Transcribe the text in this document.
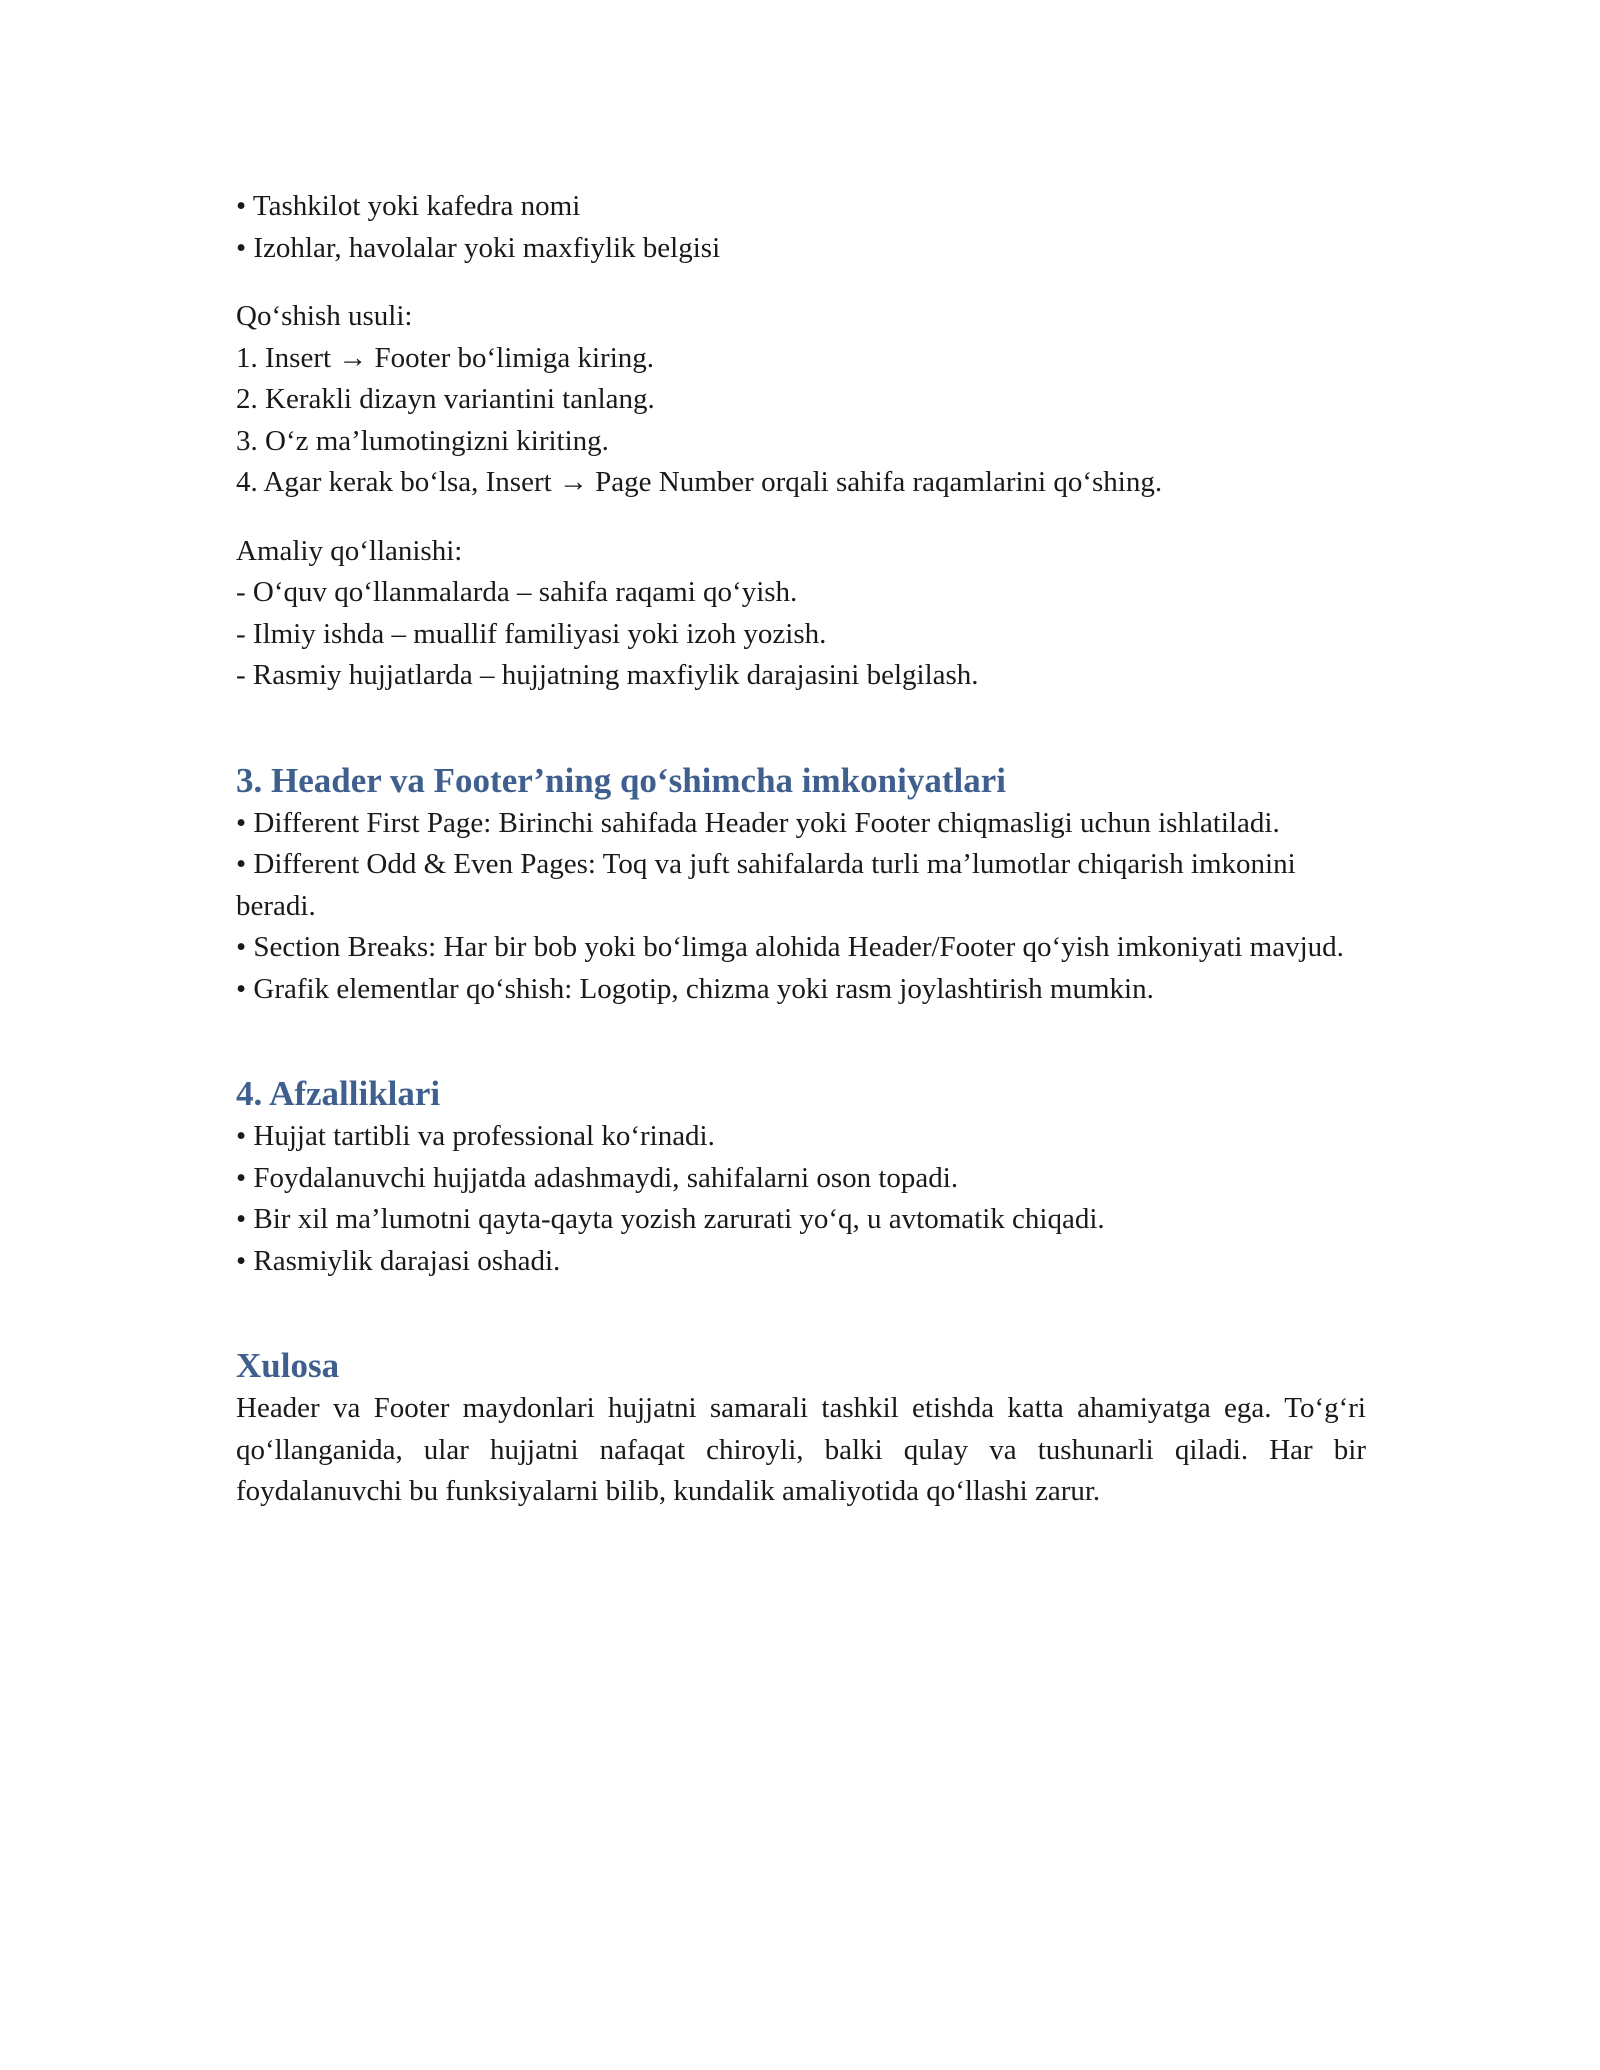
• Tashkilot yoki kafedra nomi

• Izohlar, havolalar yoki maxfiylik belgisi

Qo‘shish usuli:

1. Insert → Footer bo‘limiga kiring.

2. Kerakli dizayn variantini tanlang.

3. O‘z ma’lumotingizni kiriting.

4. Agar kerak bo‘lsa, Insert → Page Number orqali sahifa raqamlarini qo‘shing.

Amaliy qo‘llanishi:

- O‘quv qo‘llanmalarda – sahifa raqami qo‘yish.

- Ilmiy ishda – muallif familiyasi yoki izoh yozish.

- Rasmiy hujjatlarda – hujjatning maxfiylik darajasini belgilash.

3. Header va Footer’ning qo‘shimcha imkoniyatlari

• Different First Page: Birinchi sahifada Header yoki Footer chiqmasligi uchun ishlatiladi.

• Different Odd & Even Pages: Toq va juft sahifalarda turli ma’lumotlar chiqarish imkonini beradi.

• Section Breaks: Har bir bob yoki bo‘limga alohida Header/Footer qo‘yish imkoniyati mavjud.

• Grafik elementlar qo‘shish: Logotip, chizma yoki rasm joylashtirish mumkin.

4. Afzalliklari

• Hujjat tartibli va professional ko‘rinadi.

• Foydalanuvchi hujjatda adashmaydi, sahifalarni oson topadi.

• Bir xil ma’lumotni qayta-qayta yozish zarurati yo‘q, u avtomatik chiqadi.

• Rasmiylik darajasi oshadi.

Xulosa

Header va Footer maydonlari hujjatni samarali tashkil etishda katta ahamiyatga ega. To‘g‘ri qo‘llanganida, ular hujjatni nafaqat chiroyli, balki qulay va tushunarli qiladi. Har bir foydalanuvchi bu funksiyalarni bilib, kundalik amaliyotida qo‘llashi zarur.
